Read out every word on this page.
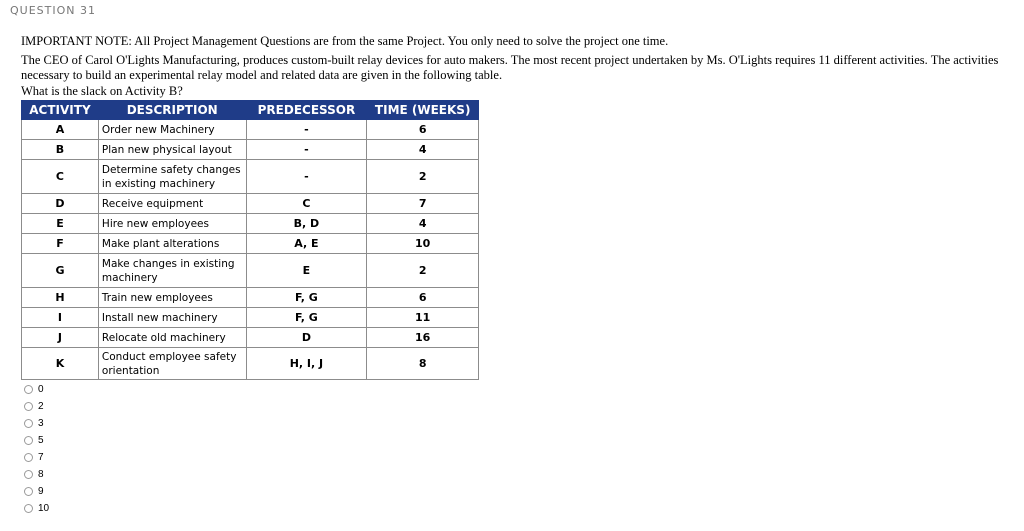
QUESTION 31
IMPORTANT NOTE: All Project Management Questions are from the same Project. You only need to solve the project one time.
The CEO of Carol O'Lights Manufacturing, produces custom-built relay devices for auto makers. The most recent project undertaken by Ms. O'Lights requires 11 different activities. The activities necessary to build an experimental relay model and related data are given in the following table.
What is the slack on Activity B?
ACTIVITY	DESCRIPTION	PREDECESSOR	TIME (WEEKS)
A	Order new Machinery	-	6
B	Plan new physical layout	-	4
C	Determine safety changes in existing machinery	-	2
D	Receive equipment	C	7
E	Hire new employees	B, D	4
F	Make plant alterations	A, E	10
G	Make changes in existing machinery	E	2
H	Train new employees	F, G	6
I	Install new machinery	F, G	11
J	Relocate old machinery	D	16
K	Conduct employee safety orientation	H, I, J	8
0
2
3
5
7
8
9
10
